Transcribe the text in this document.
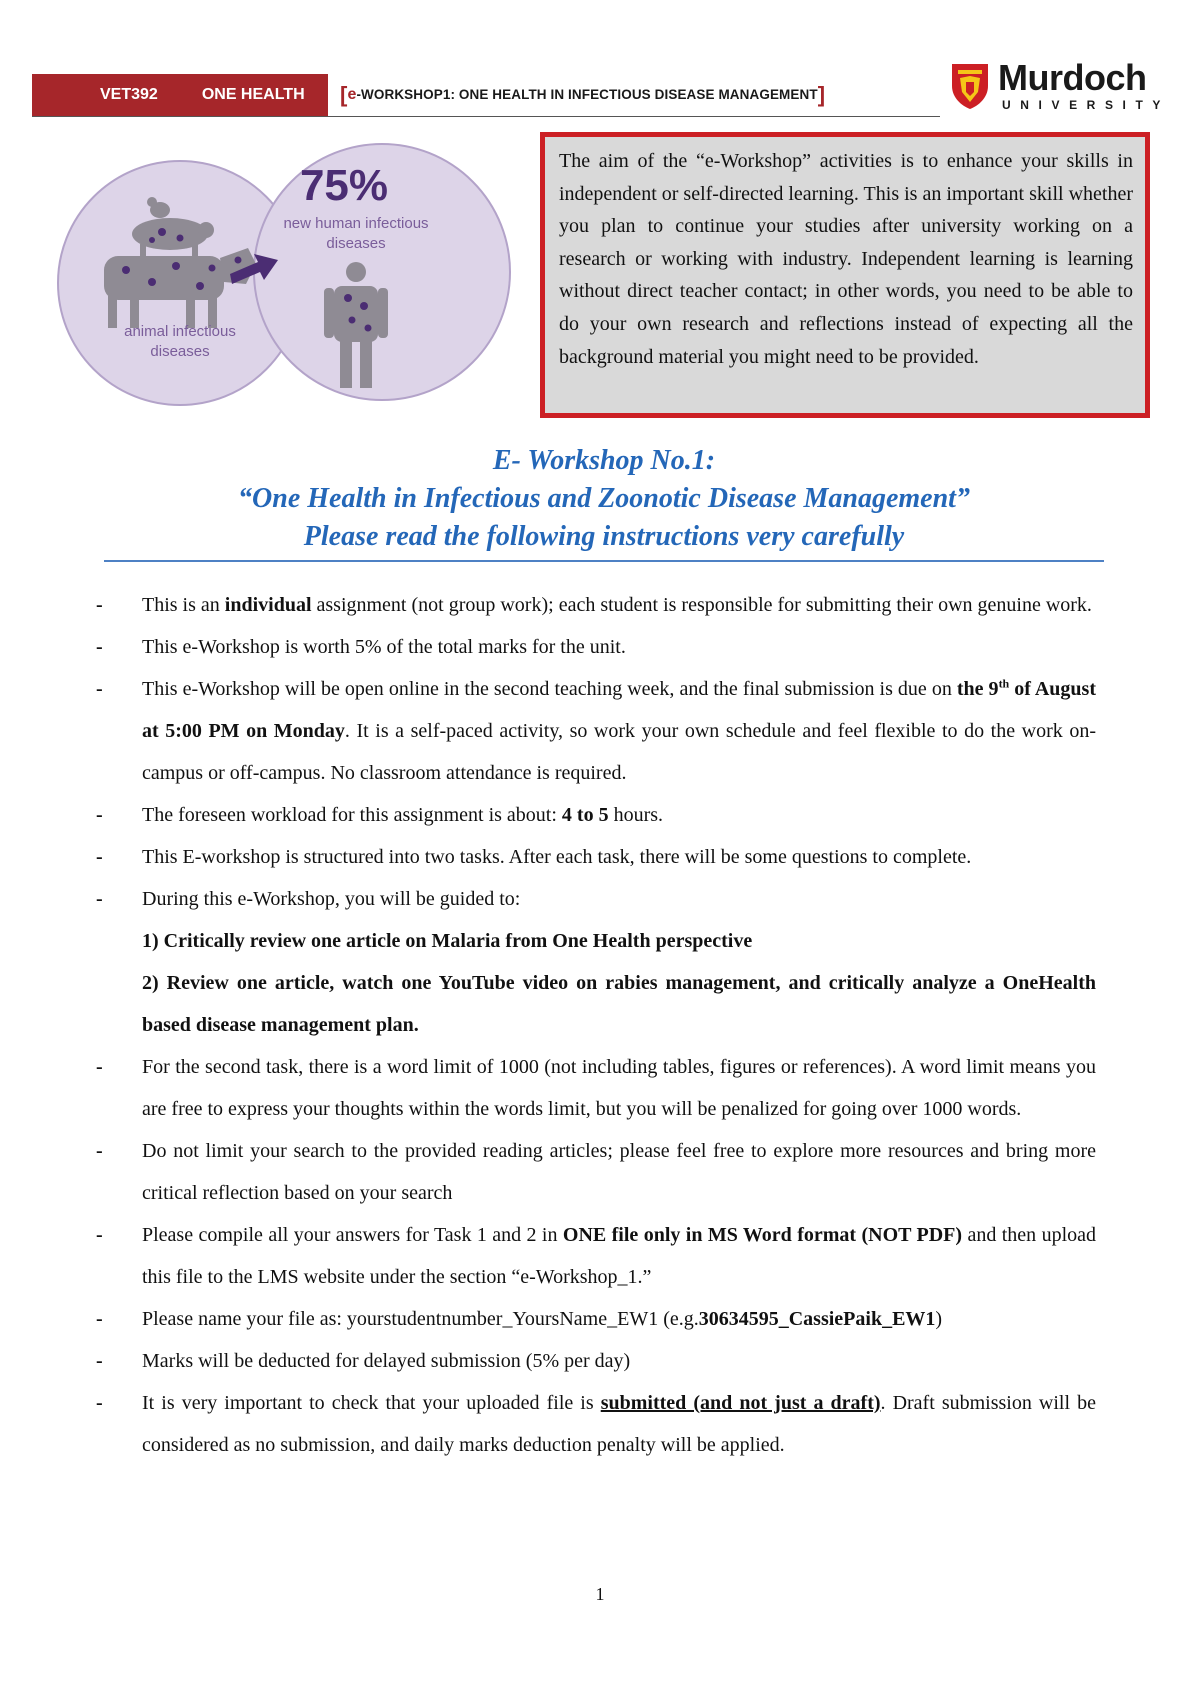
VET392	ONE HEALTH [e-WORKSHOP1: ONE HEALTH IN INFECTIOUS DISEASE MANAGEMENT]	Murdoch
UNIVERSITY
animal infectious
diseases
75%
new human infectious
diseases
The aim of the “e-Workshop” activities is to enhance your skills in independent or self-directed learning. This is an important skill whether you plan to continue your studies after university working on a research or working with industry. Independent learning is learning without direct teacher contact; in other words, you need to be able to do your own research and reflections instead of expecting all the background material you might need to be provided.
E- Workshop No.1:
“One Health in Infectious and Zoonotic Disease Management”
Please read the following instructions very carefully
- This is an individual assignment (not group work); each student is responsible for submitting their own genuine work.
- This e-Workshop is worth 5% of the total marks for the unit.
- This e-Workshop will be open online in the second teaching week, and the final submission is due on the 9th of August at 5:00 PM on Monday. It is a self-paced activity, so work your own schedule and feel flexible to do the work on-campus or off-campus. No classroom attendance is required.
- The foreseen workload for this assignment is about: 4 to 5 hours.
- This E-workshop is structured into two tasks. After each task, there will be some questions to complete.
- During this e-Workshop, you will be guided to:
1) Critically review one article on Malaria from One Health perspective
2) Review one article, watch one YouTube video on rabies management, and critically analyze a OneHealth based disease management plan.
- For the second task, there is a word limit of 1000 (not including tables, figures or references). A word limit means you are free to express your thoughts within the words limit, but you will be penalized for going over 1000 words.
- Do not limit your search to the provided reading articles; please feel free to explore more resources and bring more critical reflection based on your search
- Please compile all your answers for Task 1 and 2 in ONE file only in MS Word format (NOT PDF) and then upload this file to the LMS website under the section “e-Workshop_1.”
- Please name your file as: yourstudentnumber_YoursName_EW1 (e.g.30634595_CassiePaik_EW1)
- Marks will be deducted for delayed submission (5% per day)
- It is very important to check that your uploaded file is submitted (and not just a draft). Draft submission will be considered as no submission, and daily marks deduction penalty will be applied.
1
